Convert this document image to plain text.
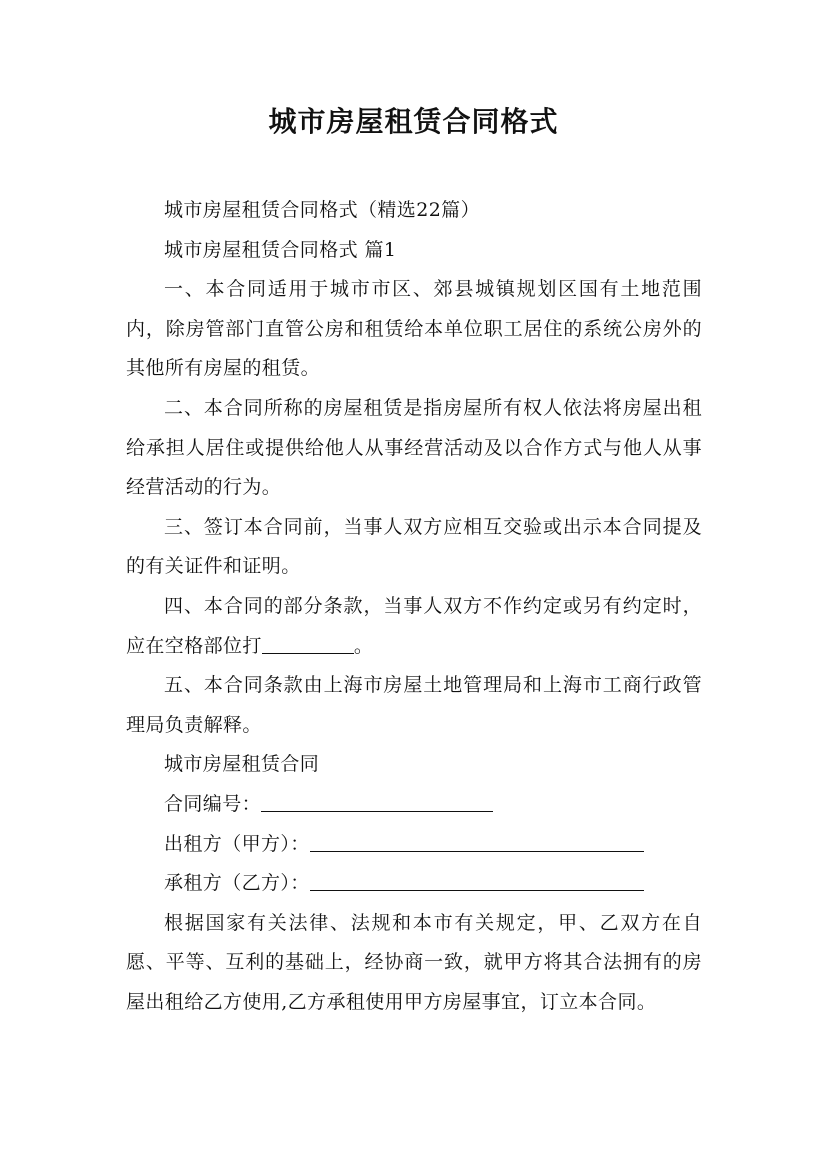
城市房屋租赁合同格式

城市房屋租赁合同格式（精选22篇）

城市房屋租赁合同格式 篇1

一、本合同适用于城市市区、郊县城镇规划区国有土地范围内，除房管部门直管公房和租赁给本单位职工居住的系统公房外的其他所有房屋的租赁。

二、本合同所称的房屋租赁是指房屋所有权人依法将房屋出租给承担人居住或提供给他人从事经营活动及以合作方式与他人从事经营活动的行为。

三、签订本合同前，当事人双方应相互交验或出示本合同提及的有关证件和证明。

四、本合同的部分条款，当事人双方不作约定或另有约定时，应在空格部位打	。

五、本合同条款由上海市房屋土地管理局和上海市工商行政管理局负责解释。

城市房屋租赁合同

合同编号：

出租方（甲方）：

承租方（乙方）：

根据国家有关法律、法规和本市有关规定，甲、乙双方在自愿、平等、互利的基础上，经协商一致，就甲方将其合法拥有的房屋出租给乙方使用,乙方承租使用甲方房屋事宜，订立本合同。
